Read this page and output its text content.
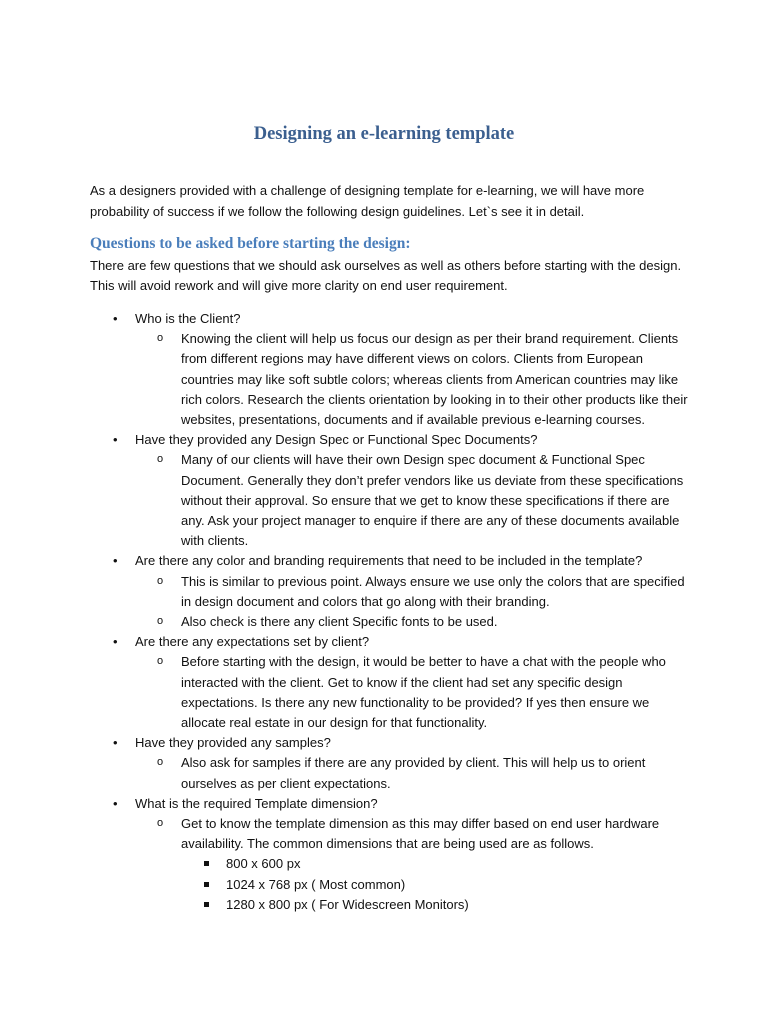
Designing an e-learning template

As a designers provided with a challenge of designing template for e-learning, we will have more probability of success if we follow the following design guidelines. Let`s see it in detail.

Questions to be asked before starting the design:

There are few questions that we should ask ourselves as well as others before starting with the design. This will avoid rework and will give more clarity on end user requirement.

• Who is the Client?
o Knowing the client will help us focus our design as per their brand requirement. Clients from different regions may have different views on colors. Clients from European countries may like soft subtle colors; whereas clients from American countries may like rich colors. Research the clients orientation by looking in to their other products like their websites, presentations, documents and if available previous e-learning courses.
• Have they provided any Design Spec or Functional Spec Documents?
o Many of our clients will have their own Design spec document & Functional Spec Document. Generally they don’t prefer vendors like us deviate from these specifications without their approval. So ensure that we get to know these specifications if there are any. Ask your project manager to enquire if there are any of these documents available with clients.
• Are there any color and branding requirements that need to be included in the template?
o This is similar to previous point. Always ensure we use only the colors that are specified in design document and colors that go along with their branding.
o Also check is there any client Specific fonts to be used.
• Are there any expectations set by client?
o Before starting with the design, it would be better to have a chat with the people who interacted with the client. Get to know if the client had set any specific design expectations. Is there any new functionality to be provided? If yes then ensure we allocate real estate in our design for that functionality.
• Have they provided any samples?
o Also ask for samples if there are any provided by client. This will help us to orient ourselves as per client expectations.
• What is the required Template dimension?
o Get to know the template dimension as this may differ based on end user hardware availability. The common dimensions that are being used are as follows.
800 x 600 px
1024 x 768 px ( Most common)
1280 x 800 px ( For Widescreen Monitors)
